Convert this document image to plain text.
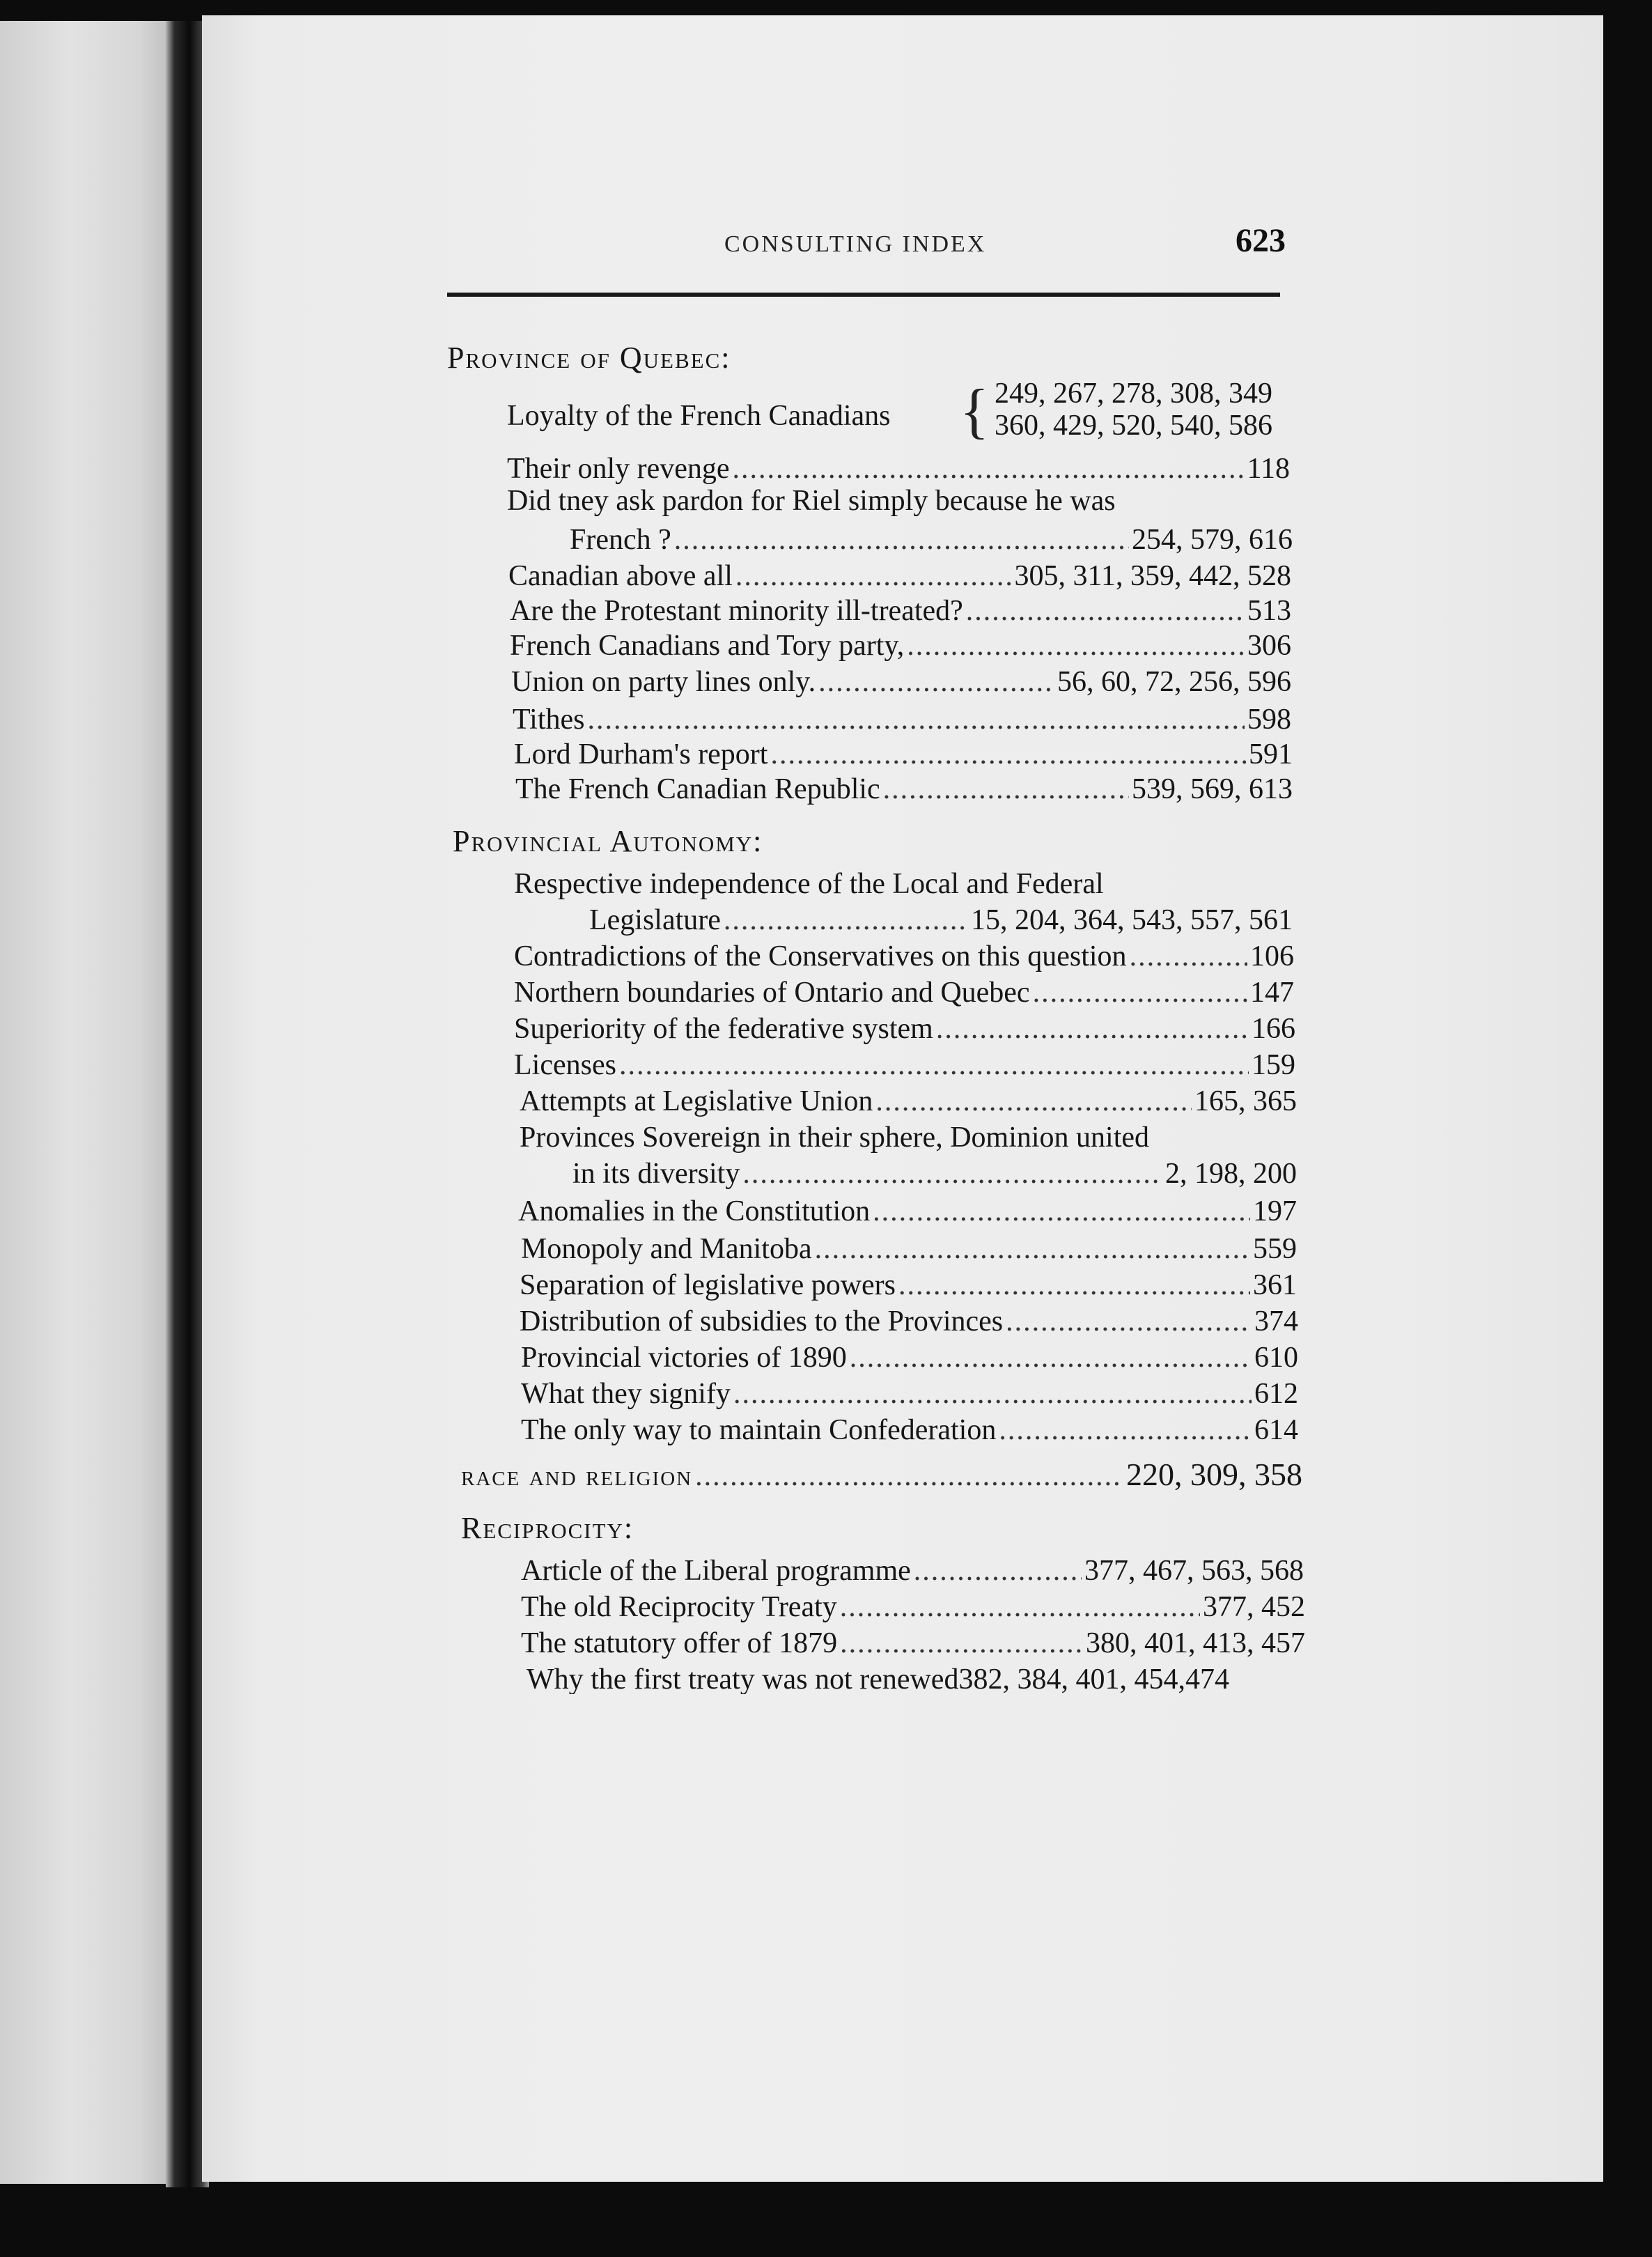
CONSULTING INDEX	623
Province of Quebec:
Loyalty of the French Canadians { 249, 267, 278, 308, 349
360, 429, 520, 540, 586
Their only revenge .....	118
Did tney ask pardon for Riel simply because he was
French ? .....	254, 579, 616
Canadian above all .....	305, 311, 359, 442, 528
Are the Protestant minority ill-treated? .....	513
French Canadians and Tory party, .....	306
Union on party lines only. .....	56, 60, 72, 256, 596
Tithes .....	598
Lord Durham's report .....	591
The French Canadian Republic .....	539, 569, 613
Provincial Autonomy:
Respective independence of the Local and Federal
Legislature .....	15, 204, 364, 543, 557, 561
Contradictions of the Conservatives on this question .....	106
Northern boundaries of Ontario and Quebec .....	147
Superiority of the federative system .....	166
Licenses .....	159
Attempts at Legislative Union .....	165, 365
Provinces Sovereign in their sphere, Dominion united
in its diversity .....	2, 198, 200
Anomalies in the Constitution .....	197
Monopoly and Manitoba .....	559
Separation of legislative powers .....	361
Distribution of subsidies to the Provinces .....	374
Provincial victories of 1890 .....	610
What they signify .....	612
The only way to maintain Confederation .....	614
race and religion .....	220, 309, 358
Reciprocity:
Article of the Liberal programme .....	377, 467, 563, 568
The old Reciprocity Treaty .....	377, 452
The statutory offer of 1879 .....	380, 401, 413, 457
Why the first treaty was not renewed382, 384, 401, 454,474
